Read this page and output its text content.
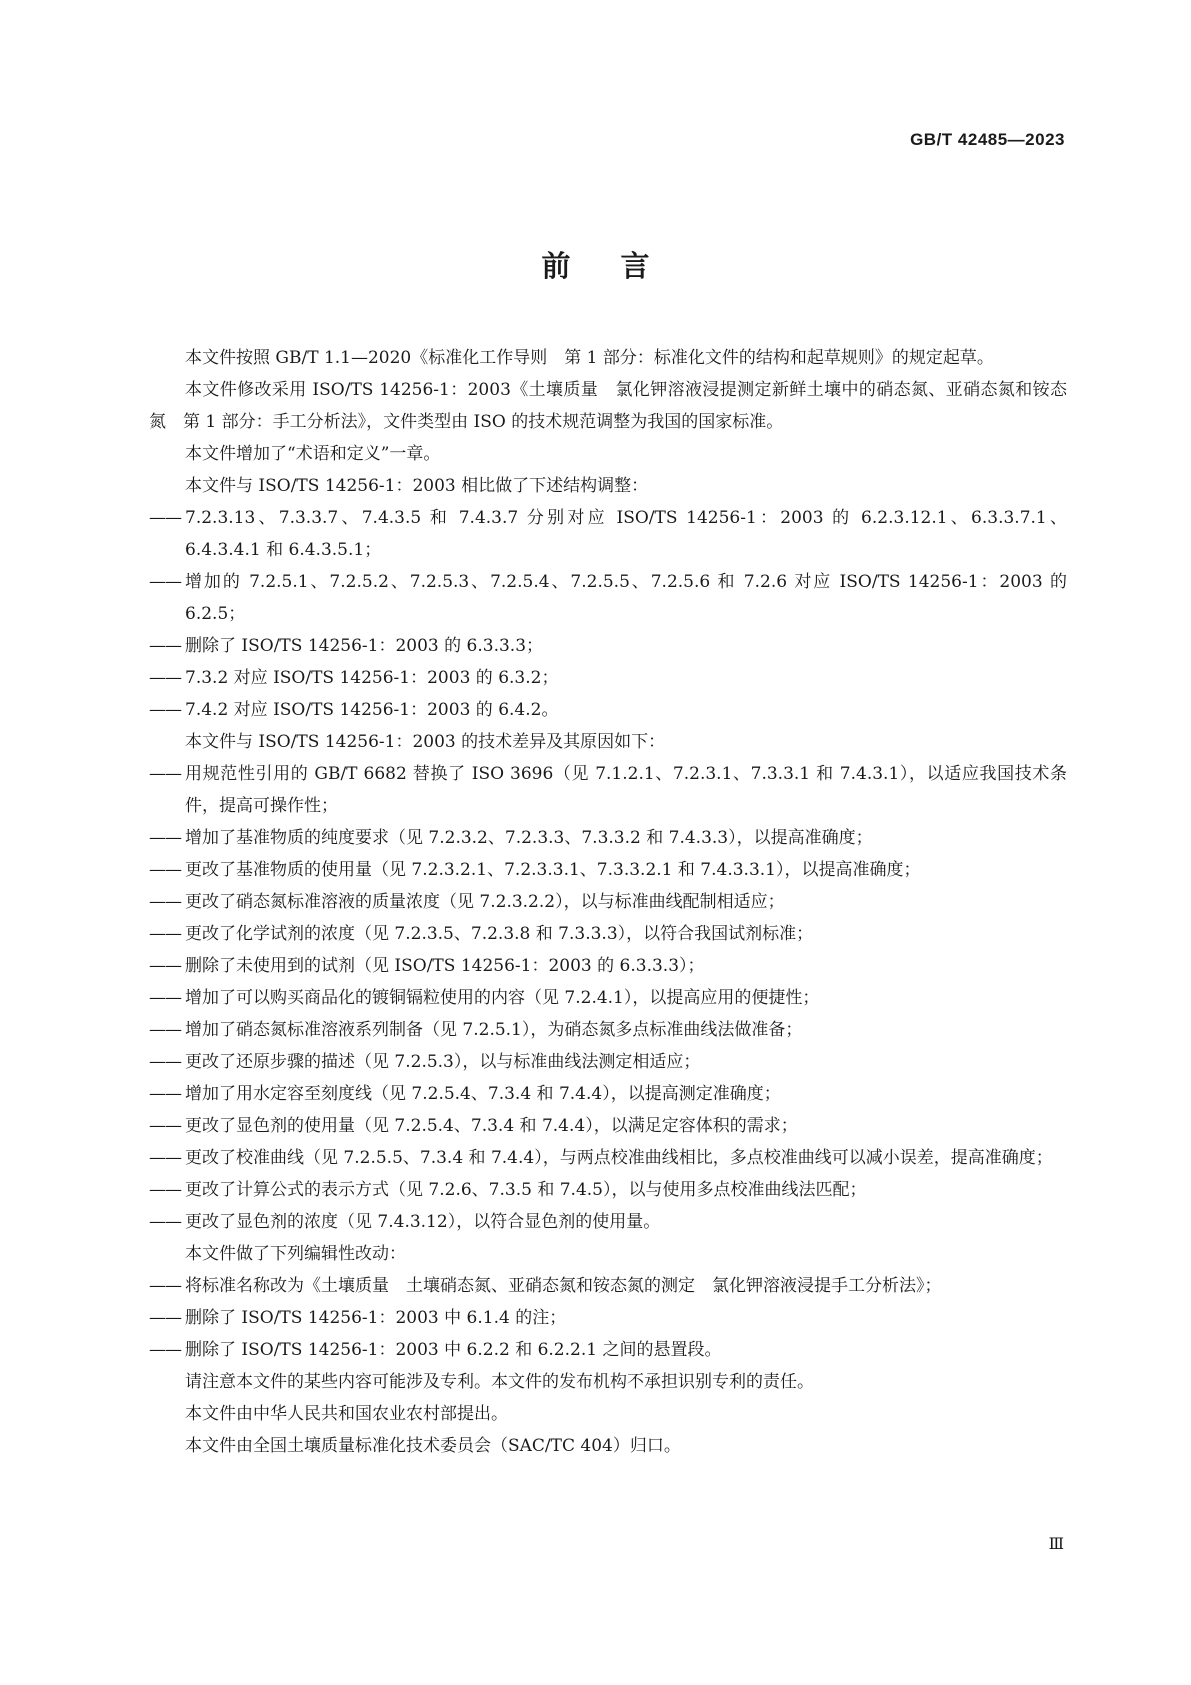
GB/T 42485—2023
前言

本文件按照 GB/T 1.1—2020《标准化工作导则　第 1 部分：标准化文件的结构和起草规则》的规定起草。

本文件修改采用 ISO/TS 14256-1：2003《土壤质量　氯化钾溶液浸提测定新鲜土壤中的硝态氮、亚硝态氮和铵态氮　第 1 部分：手工分析法》，文件类型由 ISO 的技术规范调整为我国的国家标准。

本文件增加了“术语和定义”一章。

本文件与 ISO/TS 14256-1：2003 相比做了下述结构调整：

—— 7.2.3.13、7.3.3.7、7.4.3.5 和 7.4.3.7 分别对应 ISO/TS 14256-1：2003 的 6.2.3.12.1、6.3.3.7.1、6.4.3.4.1 和 6.4.3.5.1；

—— 增加的 7.2.5.1、7.2.5.2、7.2.5.3、7.2.5.4、7.2.5.5、7.2.5.6 和 7.2.6 对应 ISO/TS 14256-1：2003 的 6.2.5；

—— 删除了 ISO/TS 14256-1：2003 的 6.3.3.3；

—— 7.3.2 对应 ISO/TS 14256-1：2003 的 6.3.2；

—— 7.4.2 对应 ISO/TS 14256-1：2003 的 6.4.2。

本文件与 ISO/TS 14256-1：2003 的技术差异及其原因如下：

—— 用规范性引用的 GB/T 6682 替换了 ISO 3696（见 7.1.2.1、7.2.3.1、7.3.3.1 和 7.4.3.1），以适应我国技术条件，提高可操作性；

—— 增加了基准物质的纯度要求（见 7.2.3.2、7.2.3.3、7.3.3.2 和 7.4.3.3），以提高准确度；

—— 更改了基准物质的使用量（见 7.2.3.2.1、7.2.3.3.1、7.3.3.2.1 和 7.4.3.3.1），以提高准确度；

—— 更改了硝态氮标准溶液的质量浓度（见 7.2.3.2.2），以与标准曲线配制相适应；

—— 更改了化学试剂的浓度（见 7.2.3.5、7.2.3.8 和 7.3.3.3），以符合我国试剂标准；

—— 删除了未使用到的试剂（见 ISO/TS 14256-1：2003 的 6.3.3.3）；

—— 增加了可以购买商品化的镀铜镉粒使用的内容（见 7.2.4.1），以提高应用的便捷性；

—— 增加了硝态氮标准溶液系列制备（见 7.2.5.1），为硝态氮多点标准曲线法做准备；

—— 更改了还原步骤的描述（见 7.2.5.3），以与标准曲线法测定相适应；

—— 增加了用水定容至刻度线（见 7.2.5.4、7.3.4 和 7.4.4），以提高测定准确度；

—— 更改了显色剂的使用量（见 7.2.5.4、7.3.4 和 7.4.4），以满足定容体积的需求；

—— 更改了校准曲线（见 7.2.5.5、7.3.4 和 7.4.4），与两点校准曲线相比，多点校准曲线可以减小误差，提高准确度；

—— 更改了计算公式的表示方式（见 7.2.6、7.3.5 和 7.4.5），以与使用多点校准曲线法匹配；

—— 更改了显色剂的浓度（见 7.4.3.12），以符合显色剂的使用量。

本文件做了下列编辑性改动：

—— 将标准名称改为《土壤质量　土壤硝态氮、亚硝态氮和铵态氮的测定　氯化钾溶液浸提手工分析法》；

—— 删除了 ISO/TS 14256-1：2003 中 6.1.4 的注；

—— 删除了 ISO/TS 14256-1：2003 中 6.2.2 和 6.2.2.1 之间的悬置段。

请注意本文件的某些内容可能涉及专利。本文件的发布机构不承担识别专利的责任。

本文件由中华人民共和国农业农村部提出。

本文件由全国土壤质量标准化技术委员会（SAC/TC 404）归口。

Ⅲ
